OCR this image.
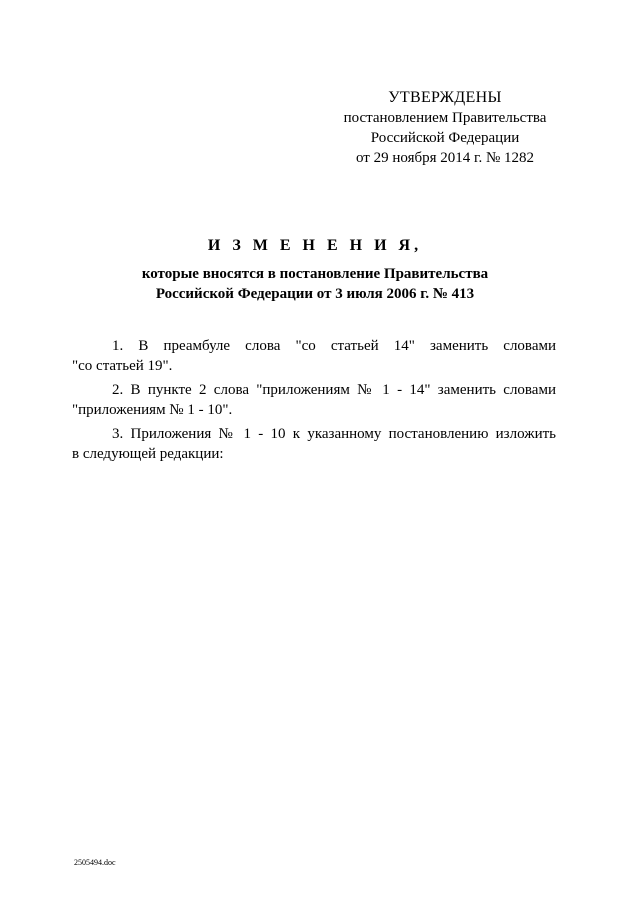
УТВЕРЖДЕНЫ
постановлением Правительства
Российской Федерации
от 29 ноября 2014 г. № 1282
И З М Е Н Е Н И Я,
которые вносятся в постановление Правительства
Российской Федерации от 3 июля 2006 г. № 413
1. В преамбуле слова "со статьей 14" заменить словами
"со статьей 19".
2. В пункте 2 слова "приложениям № 1 - 14" заменить словами
"приложениям № 1 - 10".
3. Приложения № 1 - 10 к указанному постановлению изложить
в следующей редакции:
2505494.doc
